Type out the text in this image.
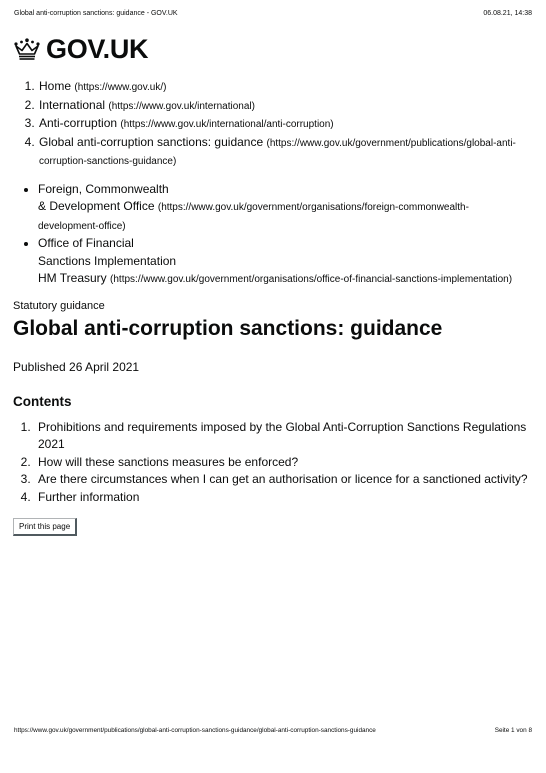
Global anti-corruption sanctions: guidance - GOV.UK	06.08.21, 14:38
GOV.UK
1. Home (https://www.gov.uk/)
2. International (https://www.gov.uk/international)
3. Anti-corruption (https://www.gov.uk/international/anti-corruption)
4. Global anti-corruption sanctions: guidance (https://www.gov.uk/government/publications/global-anti-corruption-sanctions-guidance)
• Foreign, Commonwealth
& Development Office (https://www.gov.uk/government/organisations/foreign-commonwealth-development-office)
• Office of Financial
Sanctions Implementation
HM Treasury (https://www.gov.uk/government/organisations/office-of-financial-sanctions-implementation)
Statutory guidance
Global anti-corruption sanctions: guidance
Published 26 April 2021
Contents
1. Prohibitions and requirements imposed by the Global Anti-Corruption Sanctions Regulations 2021
2. How will these sanctions measures be enforced?
3. Are there circumstances when I can get an authorisation or licence for a sanctioned activity?
4. Further information
Print this page
https://www.gov.uk/government/publications/global-anti-corruption-sanctions-guidance/global-anti-corruption-sanctions-guidance	Seite 1 von 8
